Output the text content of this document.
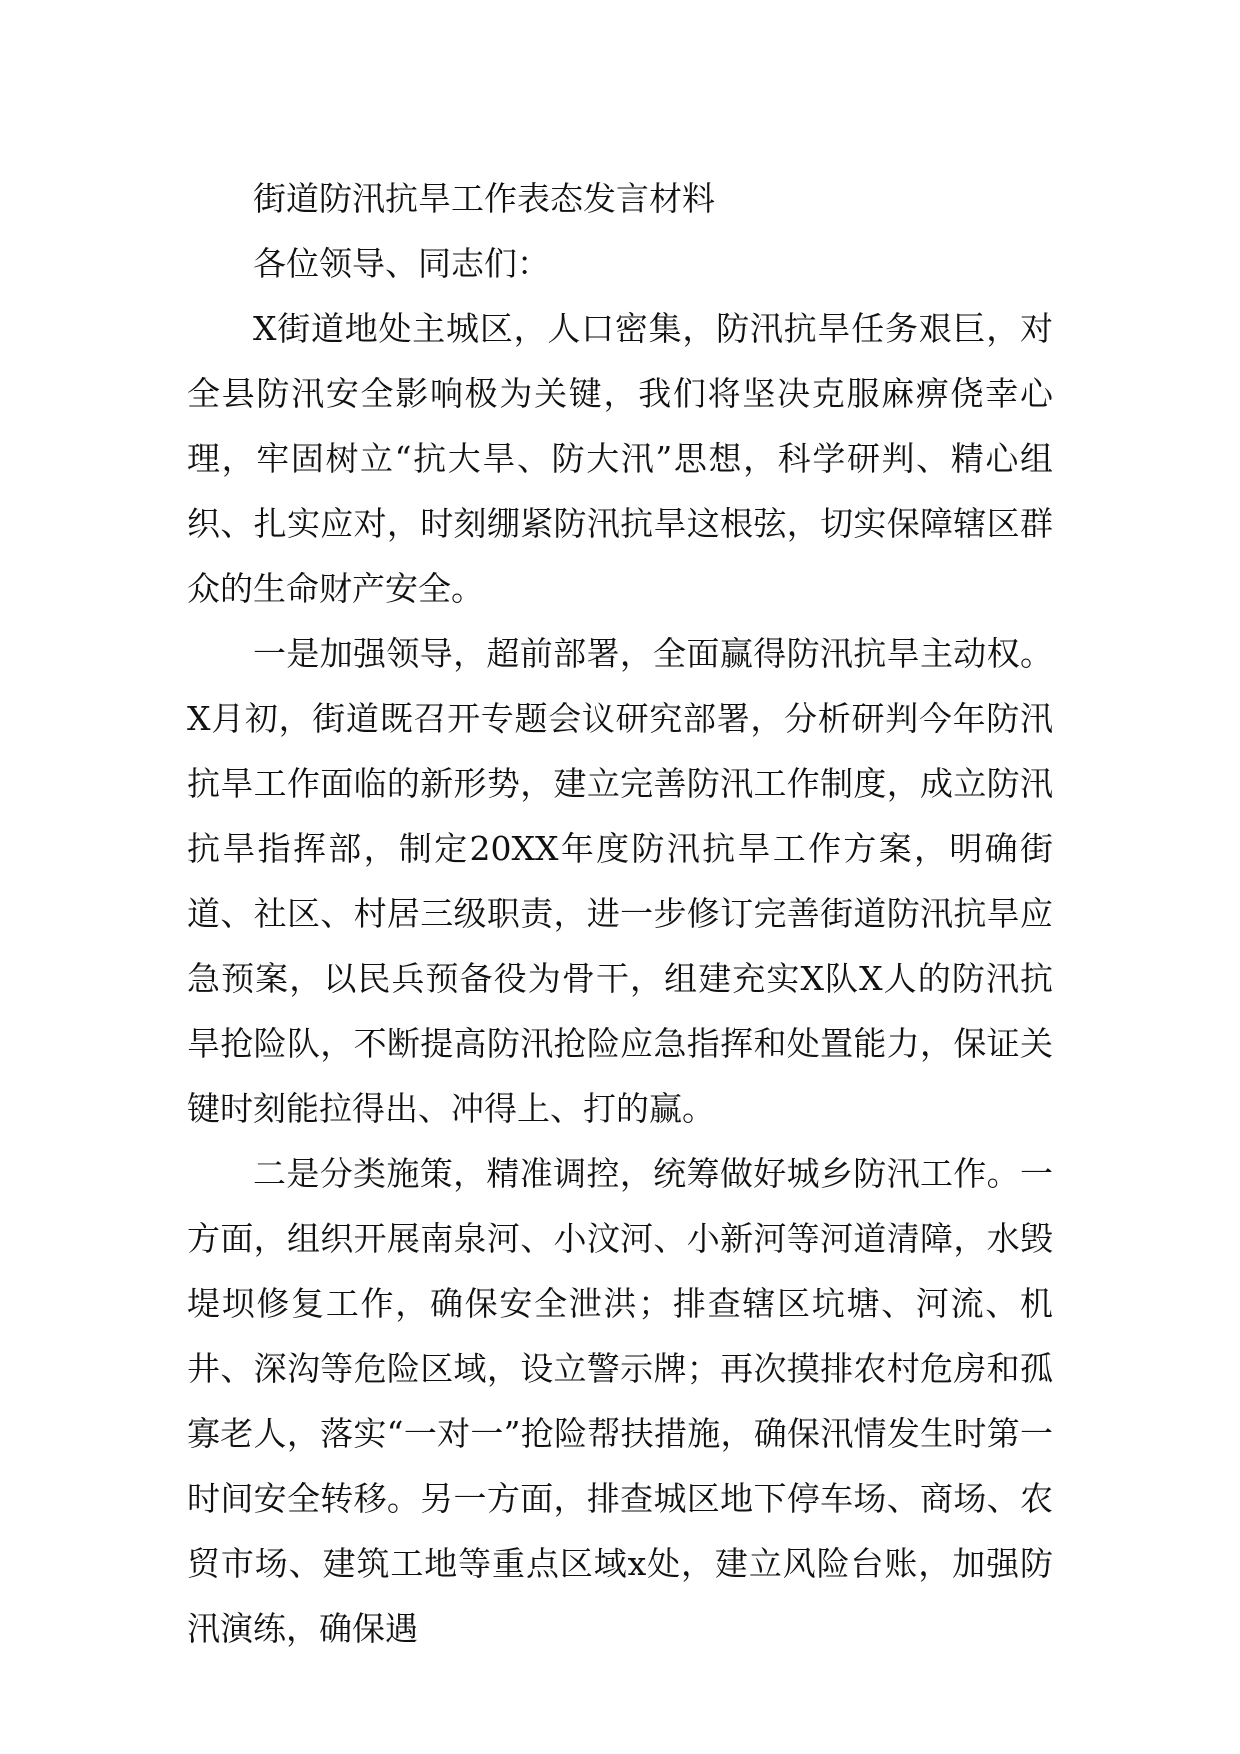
街道防汛抗旱工作表态发言材料

各位领导、同志们：

X街道地处主城区，人口密集，防汛抗旱任务艰巨，对全县防汛安全影响极为关键，我们将坚决克服麻痹侥幸心理，牢固树立“抗大旱、防大汛”思想，科学研判、精心组织、扎实应对，时刻绷紧防汛抗旱这根弦，切实保障辖区群众的生命财产安全。

一是加强领导，超前部署，全面赢得防汛抗旱主动权。X月初，街道既召开专题会议研究部署，分析研判今年防汛抗旱工作面临的新形势，建立完善防汛工作制度，成立防汛抗旱指挥部，制定20XX年度防汛抗旱工作方案，明确街道、社区、村居三级职责，进一步修订完善街道防汛抗旱应急预案，以民兵预备役为骨干，组建充实X队X人的防汛抗旱抢险队，不断提高防汛抢险应急指挥和处置能力，保证关键时刻能拉得出、冲得上、打的赢。

二是分类施策，精准调控，统筹做好城乡防汛工作。一方面，组织开展南泉河、小汶河、小新河等河道清障，水毁堤坝修复工作，确保安全泄洪；排查辖区坑塘、河流、机井、深沟等危险区域，设立警示牌；再次摸排农村危房和孤寡老人，落实“一对一”抢险帮扶措施，确保汛情发生时第一时间安全转移。另一方面，排查城区地下停车场、商场、农贸市场、建筑工地等重点区域x处，建立风险台账，加强防汛演练，确保遇
